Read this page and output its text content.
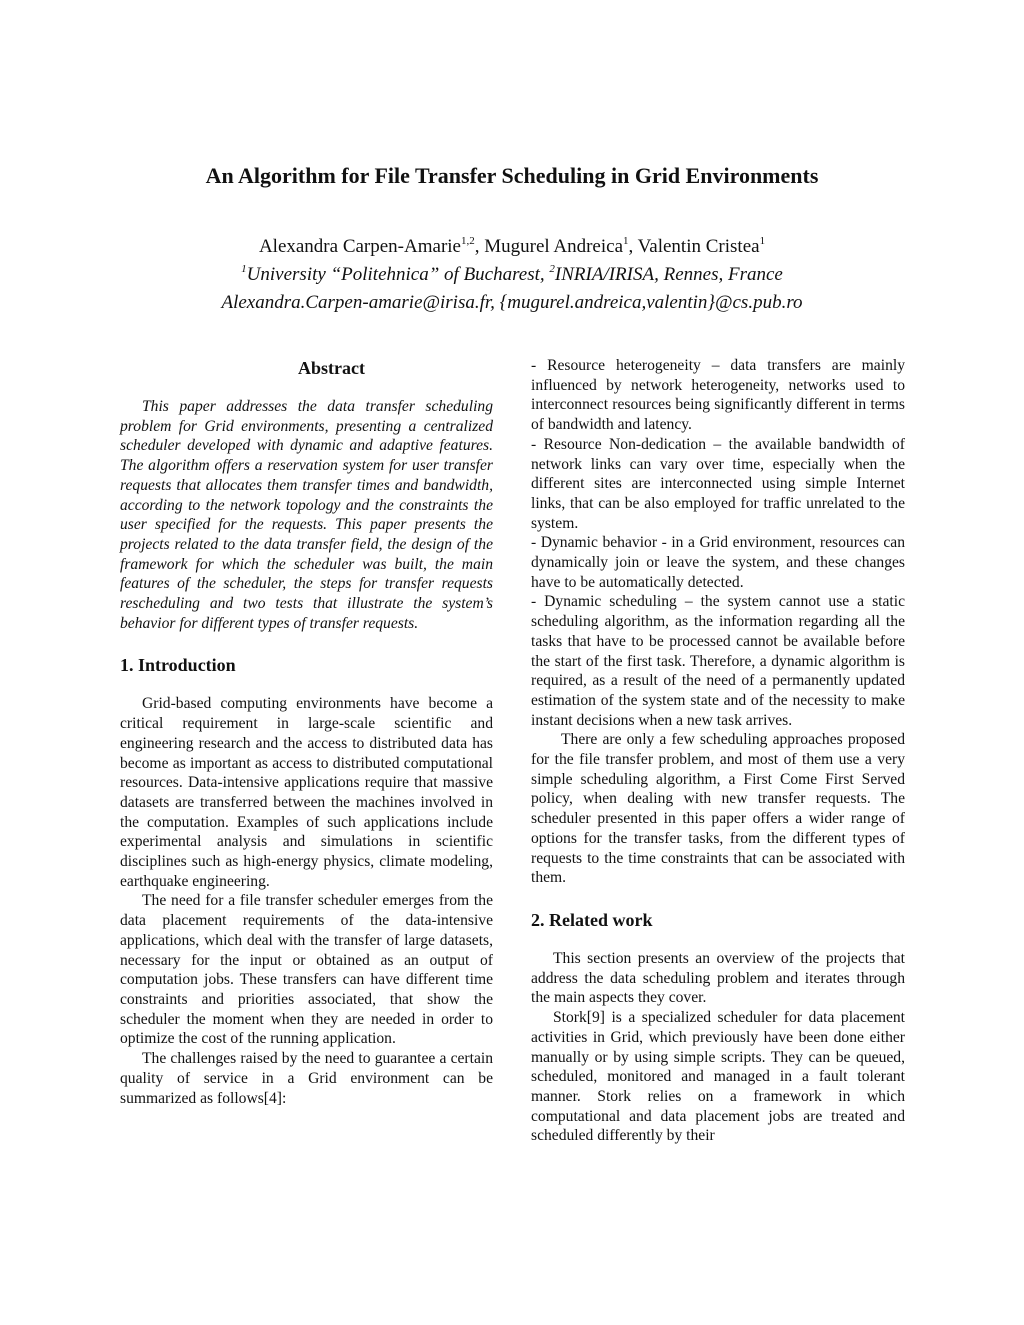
An Algorithm for File Transfer Scheduling in Grid Environments
Alexandra Carpen-Amarie$^{1,2}$, Mugurel Andreica$^1$, Valentin Cristea$^1$
$^1$University “Politehnica” of Bucharest, $^2$INRIA/IRISA, Rennes, France
Alexandra.Carpen-amarie@irisa.fr, {mugurel.andreica,valentin}@cs.pub.ro
Abstract

This paper addresses the data transfer scheduling problem for Grid environments, presenting a centralized scheduler developed with dynamic and adaptive features. The algorithm offers a reservation system for user transfer requests that allocates them transfer times and bandwidth, according to the network topology and the constraints the user specified for the requests. This paper presents the projects related to the data transfer field, the design of the framework for which the scheduler was built, the main features of the scheduler, the steps for transfer requests rescheduling and two tests that illustrate the system’s behavior for different types of transfer requests.

1. Introduction

Grid-based computing environments have become a critical requirement in large-scale scientific and engineering research and the access to distributed data has become as important as access to distributed computational resources. Data-intensive applications require that massive datasets are transferred between the machines involved in the computation. Examples of such applications include experimental analysis and simulations in scientific disciplines such as high-energy physics, climate modeling, earthquake engineering.

The need for a file transfer scheduler emerges from the data placement requirements of the data-intensive applications, which deal with the transfer of large datasets, necessary for the input or obtained as an output of computation jobs. These transfers can have different time constraints and priorities associated, that show the scheduler the moment when they are needed in order to optimize the cost of the running application.

The challenges raised by the need to guarantee a certain quality of service in a Grid environment can be summarized as follows[4]:

- Resource heterogeneity – data transfers are mainly influenced by network heterogeneity, networks used to interconnect resources being significantly different in terms of bandwidth and latency.

- Resource Non-dedication – the available bandwidth of network links can vary over time, especially when the different sites are interconnected using simple Internet links, that can be also employed for traffic unrelated to the system.

- Dynamic behavior - in a Grid environment, resources can dynamically join or leave the system, and these changes have to be automatically detected.

- Dynamic scheduling – the system cannot use a static scheduling algorithm, as the information regarding all the tasks that have to be processed cannot be available before the start of the first task. Therefore, a dynamic algorithm is required, as a result of the need of a permanently updated estimation of the system state and of the necessity to make instant decisions when a new task arrives.

There are only a few scheduling approaches proposed for the file transfer problem, and most of them use a very simple scheduling algorithm, a First Come First Served policy, when dealing with new transfer requests. The scheduler presented in this paper offers a wider range of options for the transfer tasks, from the different types of requests to the time constraints that can be associated with them.

2. Related work

This section presents an overview of the projects that address the data scheduling problem and iterates through the main aspects they cover.

Stork[9] is a specialized scheduler for data placement activities in Grid, which previously have been done either manually or by using simple scripts. They can be queued, scheduled, monitored and managed in a fault tolerant manner. Stork relies on a framework in which computational and data placement jobs are treated and scheduled differently by their
